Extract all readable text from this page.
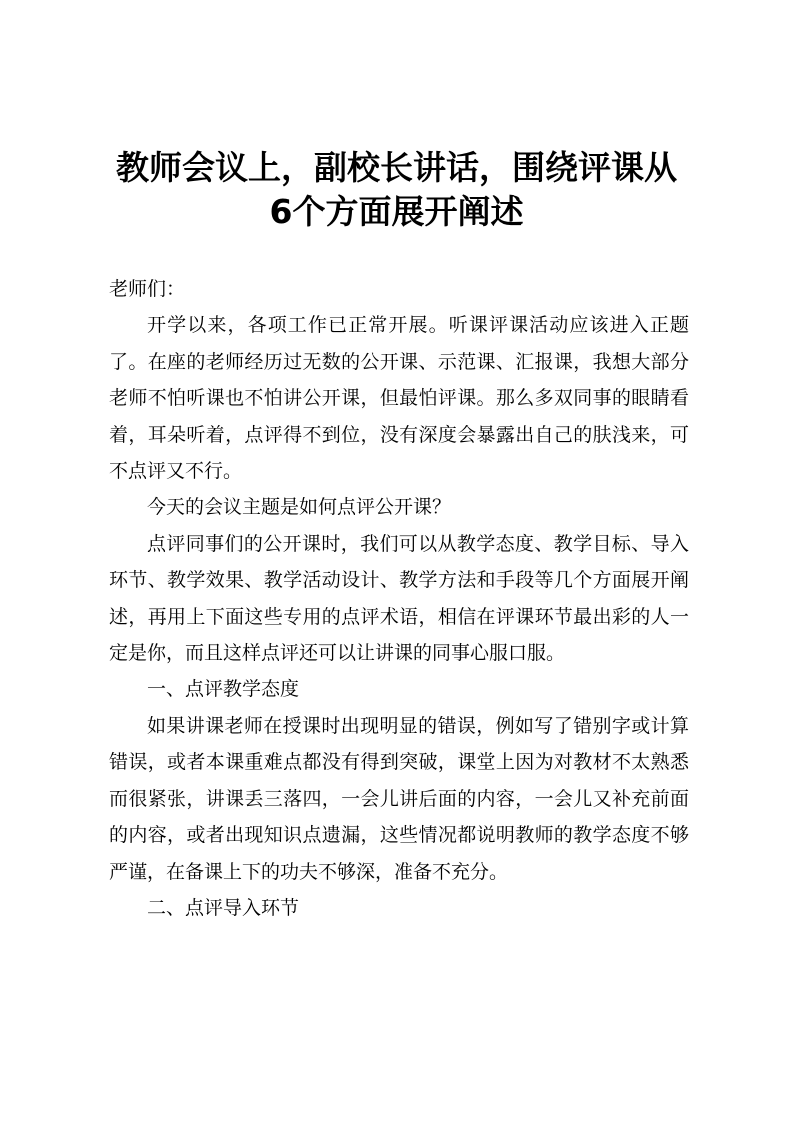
教师会议上，副校长讲话，围绕评课从
6个方面展开阐述

老师们：

开学以来，各项工作已正常开展。听课评课活动应该进入正题了。在座的老师经历过无数的公开课、示范课、汇报课，我想大部分老师不怕听课也不怕讲公开课，但最怕评课。那么多双同事的眼睛看着，耳朵听着，点评得不到位，没有深度会暴露出自己的肤浅来，可不点评又不行。

今天的会议主题是如何点评公开课？

点评同事们的公开课时，我们可以从教学态度、教学目标、导入环节、教学效果、教学活动设计、教学方法和手段等几个方面展开阐述，再用上下面这些专用的点评术语，相信在评课环节最出彩的人一定是你，而且这样点评还可以让讲课的同事心服口服。

一、点评教学态度

如果讲课老师在授课时出现明显的错误，例如写了错别字或计算错误，或者本课重难点都没有得到突破，课堂上因为对教材不太熟悉而很紧张，讲课丢三落四，一会儿讲后面的内容，一会儿又补充前面的内容，或者出现知识点遗漏，这些情况都说明教师的教学态度不够严谨，在备课上下的功夫不够深，准备不充分。

二、点评导入环节
